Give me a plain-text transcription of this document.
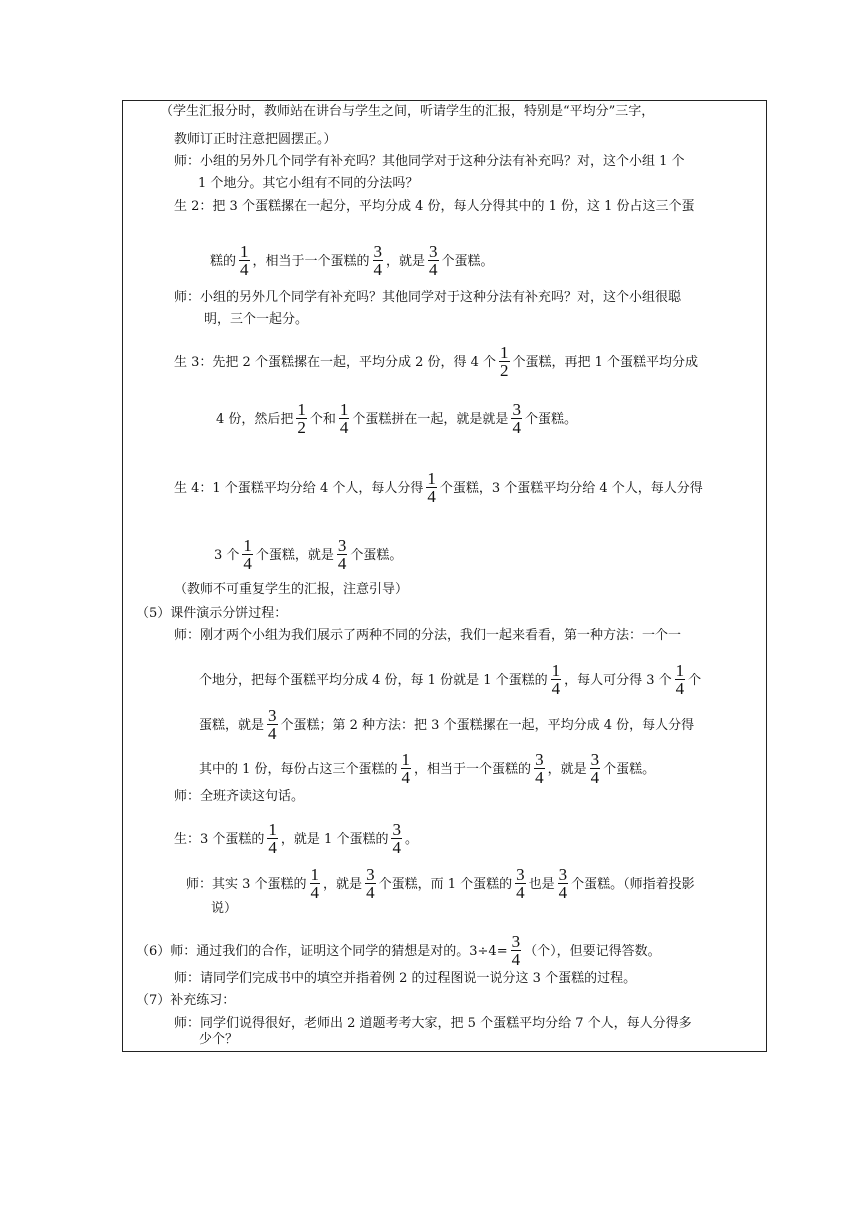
（学生汇报分时，教师站在讲台与学生之间，听请学生的汇报，特别是“平均分”三字，
教师订正时注意把圆摆正。）
师：小组的另外几个同学有补充吗？其他同学对于这种分法有补充吗？对，这个小组 1 个
1 个地分。其它小组有不同的分法吗？
生 2：把 3 个蛋糕摞在一起分，平均分成 4 份，每人分得其中的 1 份，这 1 份占这三个蛋
糕的 $\frac{1}{4}$ ，相当于一个蛋糕的 $\frac{3}{4}$ ，就是 $\frac{3}{4}$ 个蛋糕。
师：小组的另外几个同学有补充吗？其他同学对于这种分法有补充吗？对，这个小组很聪
明，三个一起分。
生 3：先把 2 个蛋糕摞在一起，平均分成 2 份，得 4 个 $\frac{1}{2}$ 个蛋糕，再把 1 个蛋糕平均分成
4 份，然后把 $\frac{1}{2}$ 个和 $\frac{1}{4}$ 个蛋糕拼在一起，就是就是 $\frac{3}{4}$ 个蛋糕。
生 4：1 个蛋糕平均分给 4 个人，每人分得 $\frac{1}{4}$ 个蛋糕，3 个蛋糕平均分给 4 个人，每人分得
3 个 $\frac{1}{4}$ 个蛋糕，就是 $\frac{3}{4}$ 个蛋糕。
（教师不可重复学生的汇报，注意引导）
（5）课件演示分饼过程：
师：刚才两个小组为我们展示了两种不同的分法，我们一起来看看，第一种方法：一个一
个地分，把每个蛋糕平均分成 4 份，每 1 份就是 1 个蛋糕的 $\frac{1}{4}$ ，每人可分得 3 个 $\frac{1}{4}$ 个
蛋糕，就是 $\frac{3}{4}$ 个蛋糕；第 2 种方法：把 3 个蛋糕摞在一起，平均分成 4 份，每人分得
其中的 1 份，每份占这三个蛋糕的 $\frac{1}{4}$ ，相当于一个蛋糕的 $\frac{3}{4}$ ，就是 $\frac{3}{4}$ 个蛋糕。
师：全班齐读这句话。
生：3 个蛋糕的 $\frac{1}{4}$ ，就是 1 个蛋糕的 $\frac{3}{4}$ 。
师：其实 3 个蛋糕的 $\frac{1}{4}$ ，就是 $\frac{3}{4}$ 个蛋糕，而 1 个蛋糕的 $\frac{3}{4}$ 也是 $\frac{3}{4}$ 个蛋糕。（师指着投影
说）
（6）师：通过我们的合作，证明这个同学的猜想是对的。$3\div 4= \frac{3}{4}$ （个），但要记得答数。
师：请同学们完成书中的填空并指着例 2 的过程图说一说分这 3 个蛋糕的过程。
（7）补充练习：
师：同学们说得很好，老师出 2 道题考考大家，把 5 个蛋糕平均分给 7 个人，每人分得多
少个？
